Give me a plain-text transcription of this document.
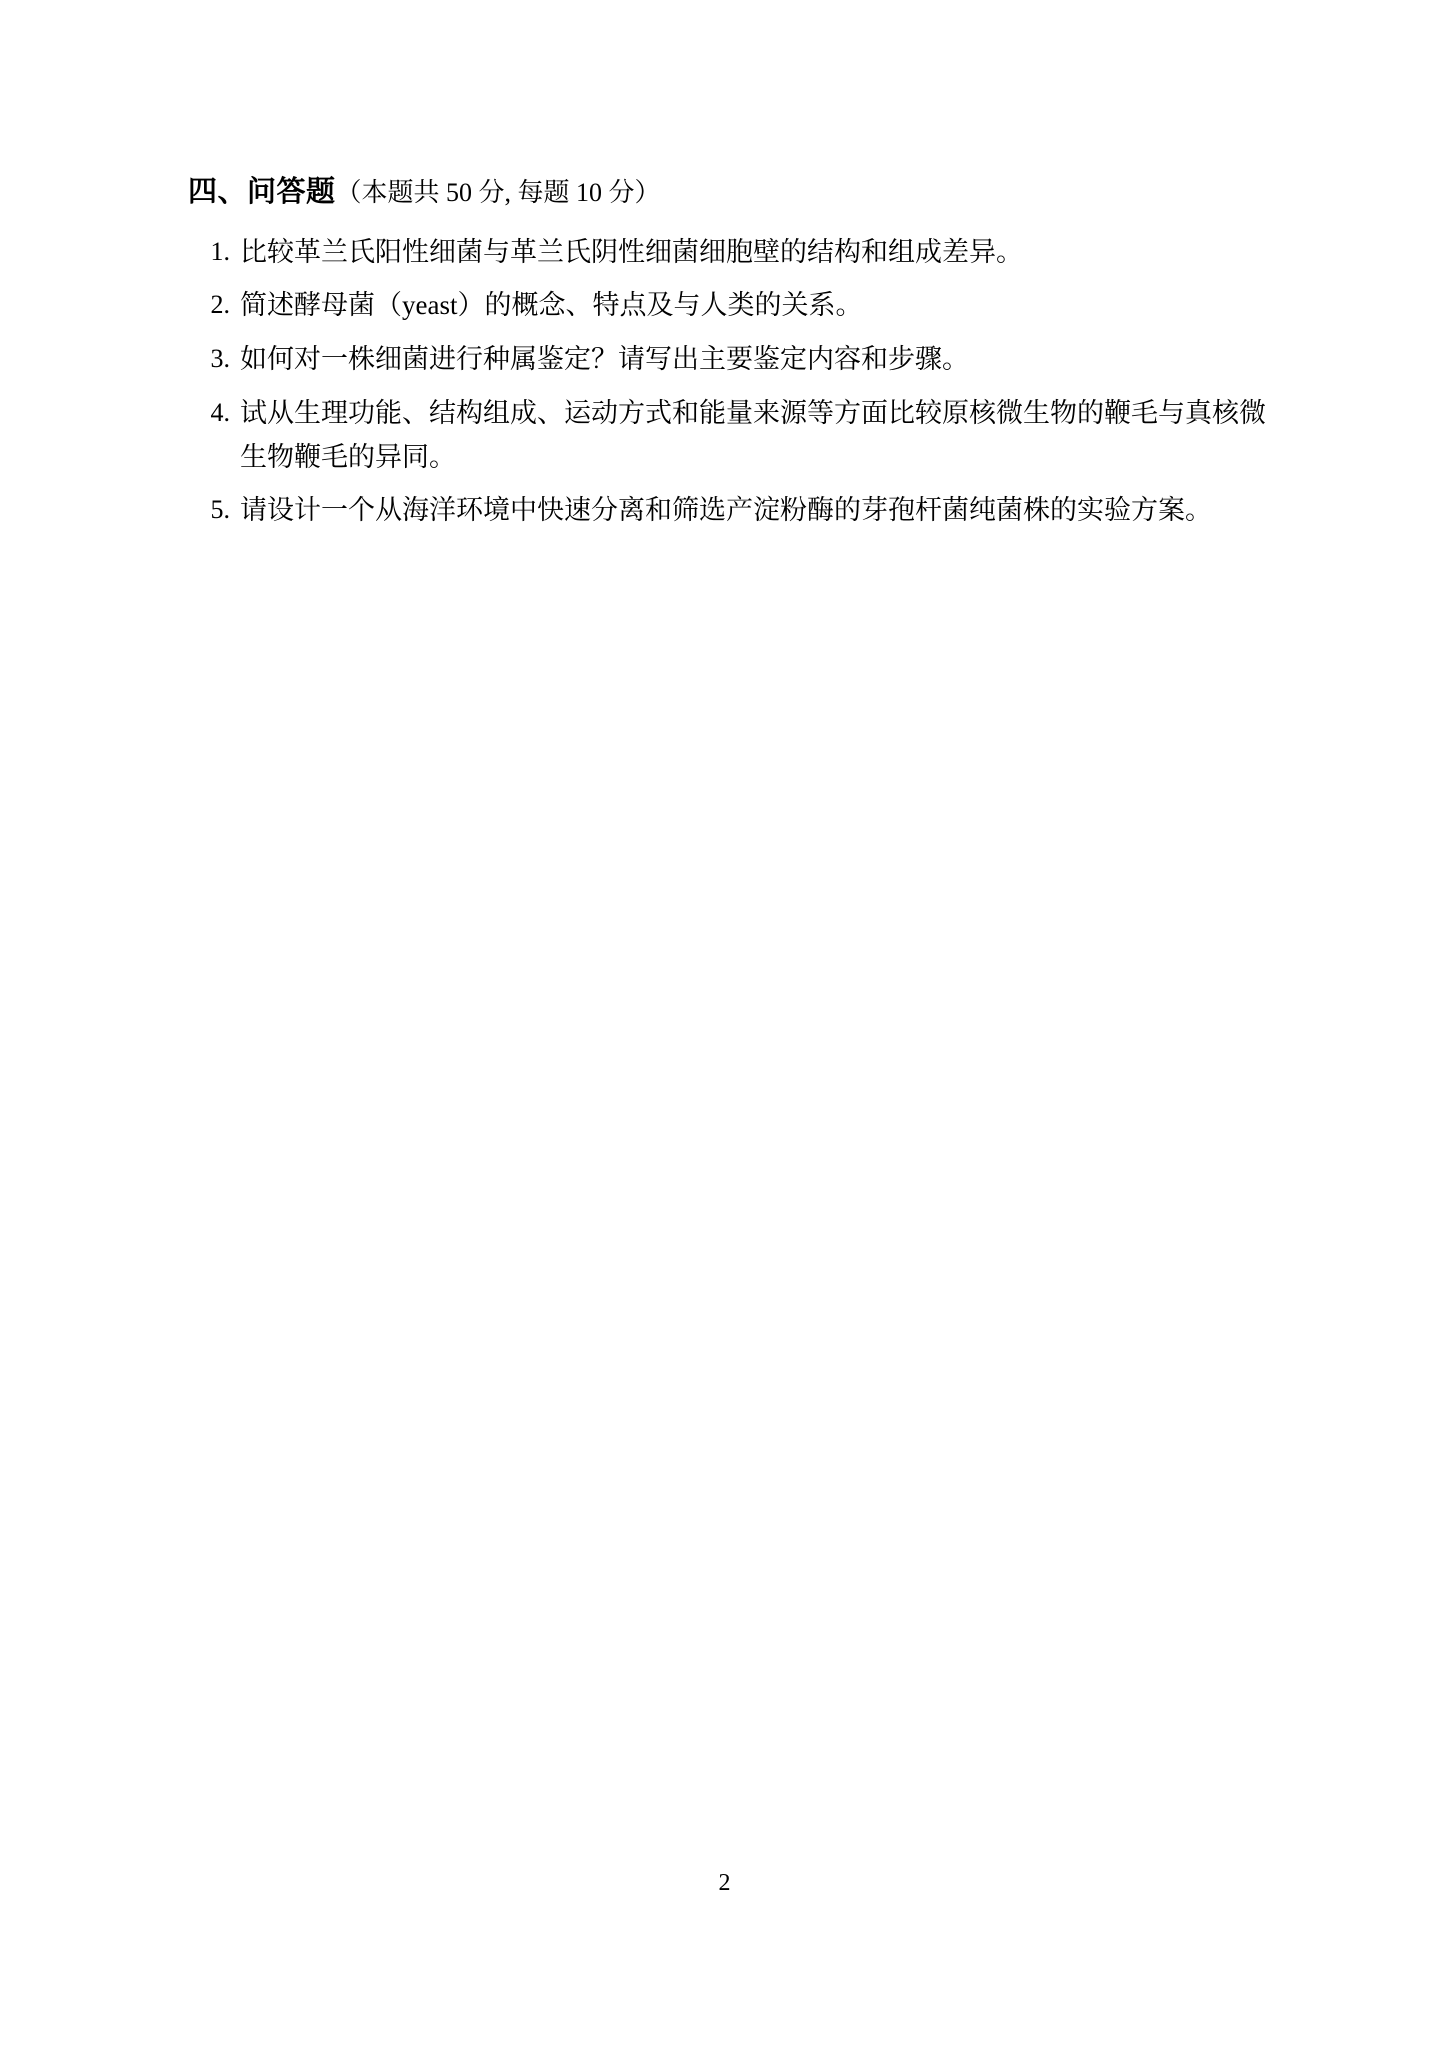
四、问答题（本题共 50 分, 每题 10 分）
1. 比较革兰氏阳性细菌与革兰氏阴性细菌细胞壁的结构和组成差异。
2. 简述酵母菌（yeast）的概念、特点及与人类的关系。
3. 如何对一株细菌进行种属鉴定？请写出主要鉴定内容和步骤。
4. 试从生理功能、结构组成、运动方式和能量来源等方面比较原核微生物的鞭毛与真核微生物鞭毛的异同。
5. 请设计一个从海洋环境中快速分离和筛选产淀粉酶的芽孢杆菌纯菌株的实验方案。
2
